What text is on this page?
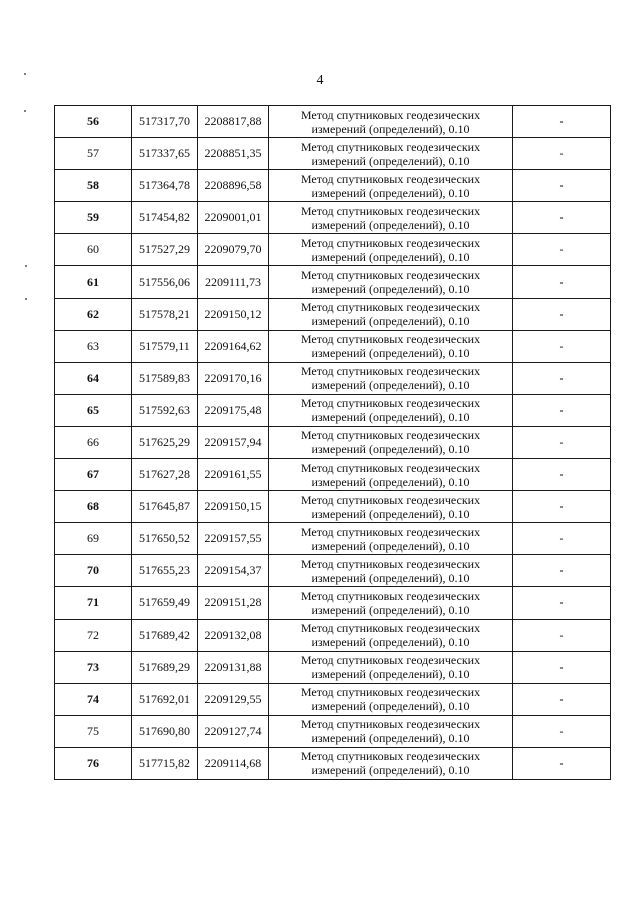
4
56	517317,70	2208817,88	Метод спутниковых геодезических
измерений (определений), 0.10	-
57	517337,65	2208851,35	Метод спутниковых геодезических
измерений (определений), 0.10	-
58	517364,78	2208896,58	Метод спутниковых геодезических
измерений (определений), 0.10	-
59	517454,82	2209001,01	Метод спутниковых геодезических
измерений (определений), 0.10	-
60	517527,29	2209079,70	Метод спутниковых геодезических
измерений (определений), 0.10	-
61	517556,06	2209111,73	Метод спутниковых геодезических
измерений (определений), 0.10	-
62	517578,21	2209150,12	Метод спутниковых геодезических
измерений (определений), 0.10	-
63	517579,11	2209164,62	Метод спутниковых геодезических
измерений (определений), 0.10	-
64	517589,83	2209170,16	Метод спутниковых геодезических
измерений (определений), 0.10	-
65	517592,63	2209175,48	Метод спутниковых геодезических
измерений (определений), 0.10	-
66	517625,29	2209157,94	Метод спутниковых геодезических
измерений (определений), 0.10	-
67	517627,28	2209161,55	Метод спутниковых геодезических
измерений (определений), 0.10	-
68	517645,87	2209150,15	Метод спутниковых геодезических
измерений (определений), 0.10	-
69	517650,52	2209157,55	Метод спутниковых геодезических
измерений (определений), 0.10	-
70	517655,23	2209154,37	Метод спутниковых геодезических
измерений (определений), 0.10	-
71	517659,49	2209151,28	Метод спутниковых геодезических
измерений (определений), 0.10	-
72	517689,42	2209132,08	Метод спутниковых геодезических
измерений (определений), 0.10	-
73	517689,29	2209131,88	Метод спутниковых геодезических
измерений (определений), 0.10	-
74	517692,01	2209129,55	Метод спутниковых геодезических
измерений (определений), 0.10	-
75	517690,80	2209127,74	Метод спутниковых геодезических
измерений (определений), 0.10	-
76	517715,82	2209114,68	Метод спутниковых геодезических
измерений (определений), 0.10	-
